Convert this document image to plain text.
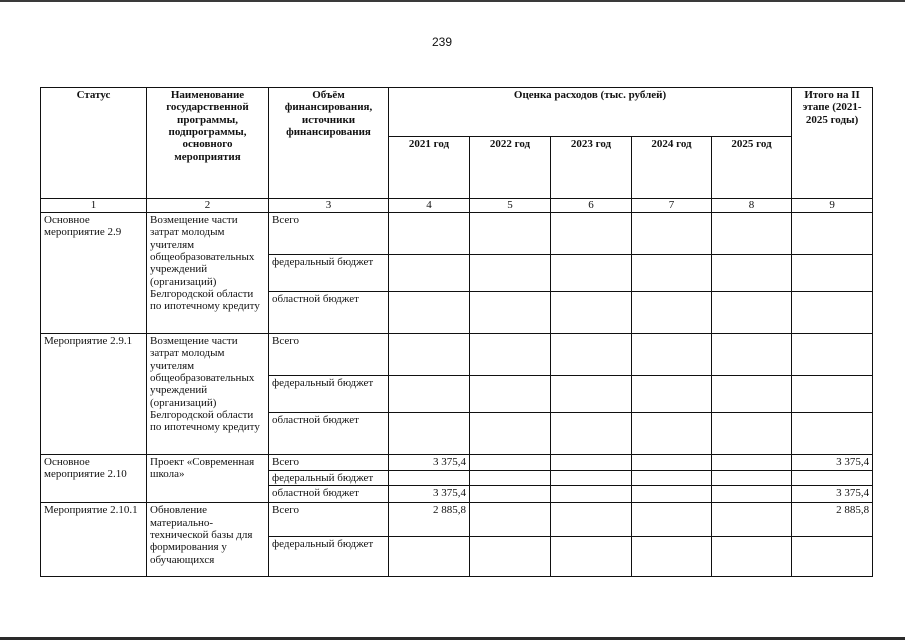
239
Статус	Наименование государственной программы, подпрограммы, основного мероприятия	Объём финансирования, источники финансирования	Оценка расходов (тыс. рублей)					Итого на II этапе (2021-2025 годы)
			2021 год	2022 год	2023 год	2024 год	2025 год	
1	2	3	4	5	6	7	8	9
Основное мероприятие 2.9	Возмещение части затрат молодым учителям общеобразовательных учреждений (организаций) Белгородской области по ипотечному кредиту	Всего						
		федеральный бюджет						
		областной бюджет						
Мероприятие 2.9.1	Возмещение части затрат молодым учителям общеобразовательных учреждений (организаций) Белгородской области по ипотечному кредиту	Всего						
		федеральный бюджет						
		областной бюджет						
Основное мероприятие 2.10	Проект «Современная школа»	Всего	3 375,4					3 375,4
		федеральный бюджет						
		областной бюджет	3 375,4					3 375,4
Мероприятие 2.10.1	Обновление материально-технической базы для формирования у обучающихся	Всего	2 885,8					2 885,8
		федеральный бюджет						
